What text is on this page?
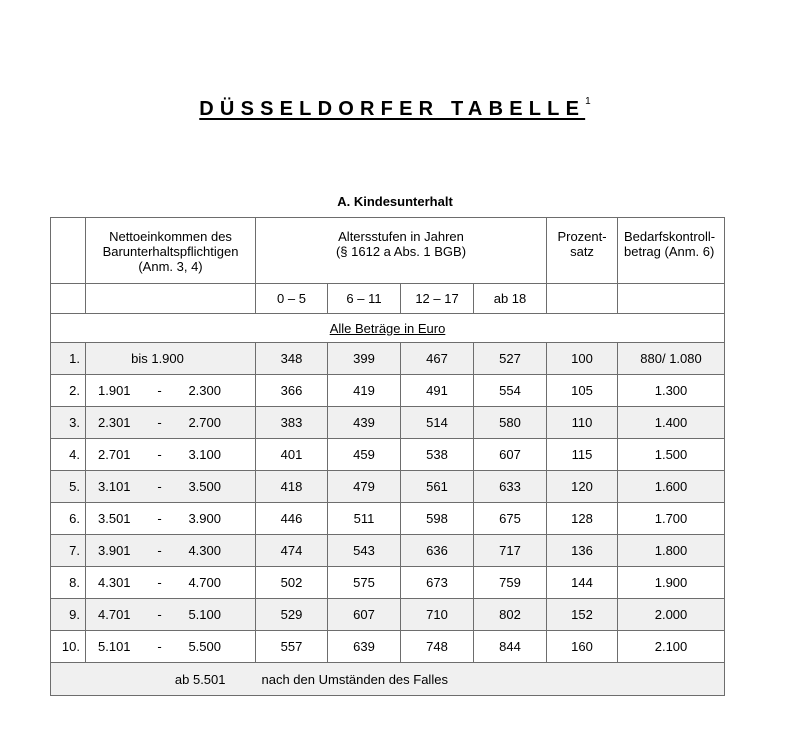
DÜSSELDORFER TABELLE$^1$
A. Kindesunterhalt

Nettoeinkommen des
Barunterhaltspflichtigen
(Anm. 3, 4)

Altersstufen in Jahren
(§ 1612 a Abs. 1 BGB)

Prozent-
satz

Bedarfskontroll-
betrag (Anm. 6)

		0 – 5	6 – 11	12 – 17	ab 18		
Alle Beträge in Euro							
1.	bis 1.900	348	399	467	527	100	880/ 1.080
2.	1.901 - 2.300	366	419	491	554	105	1.300
3.	2.301 - 2.700	383	439	514	580	110	1.400
4.	2.701 - 3.100	401	459	538	607	115	1.500
5.	3.101 - 3.500	418	479	561	633	120	1.600
6.	3.501 - 3.900	446	511	598	675	128	1.700
7.	3.901 - 4.300	474	543	636	717	136	1.800
8.	4.301 - 4.700	502	575	673	759	144	1.900
9.	4.701 - 5.100	529	607	710	802	152	2.000
10.	5.101 - 5.500	557	639	748	844	160	2.100
	ab 5.501	nach den Umständen des Falles					
